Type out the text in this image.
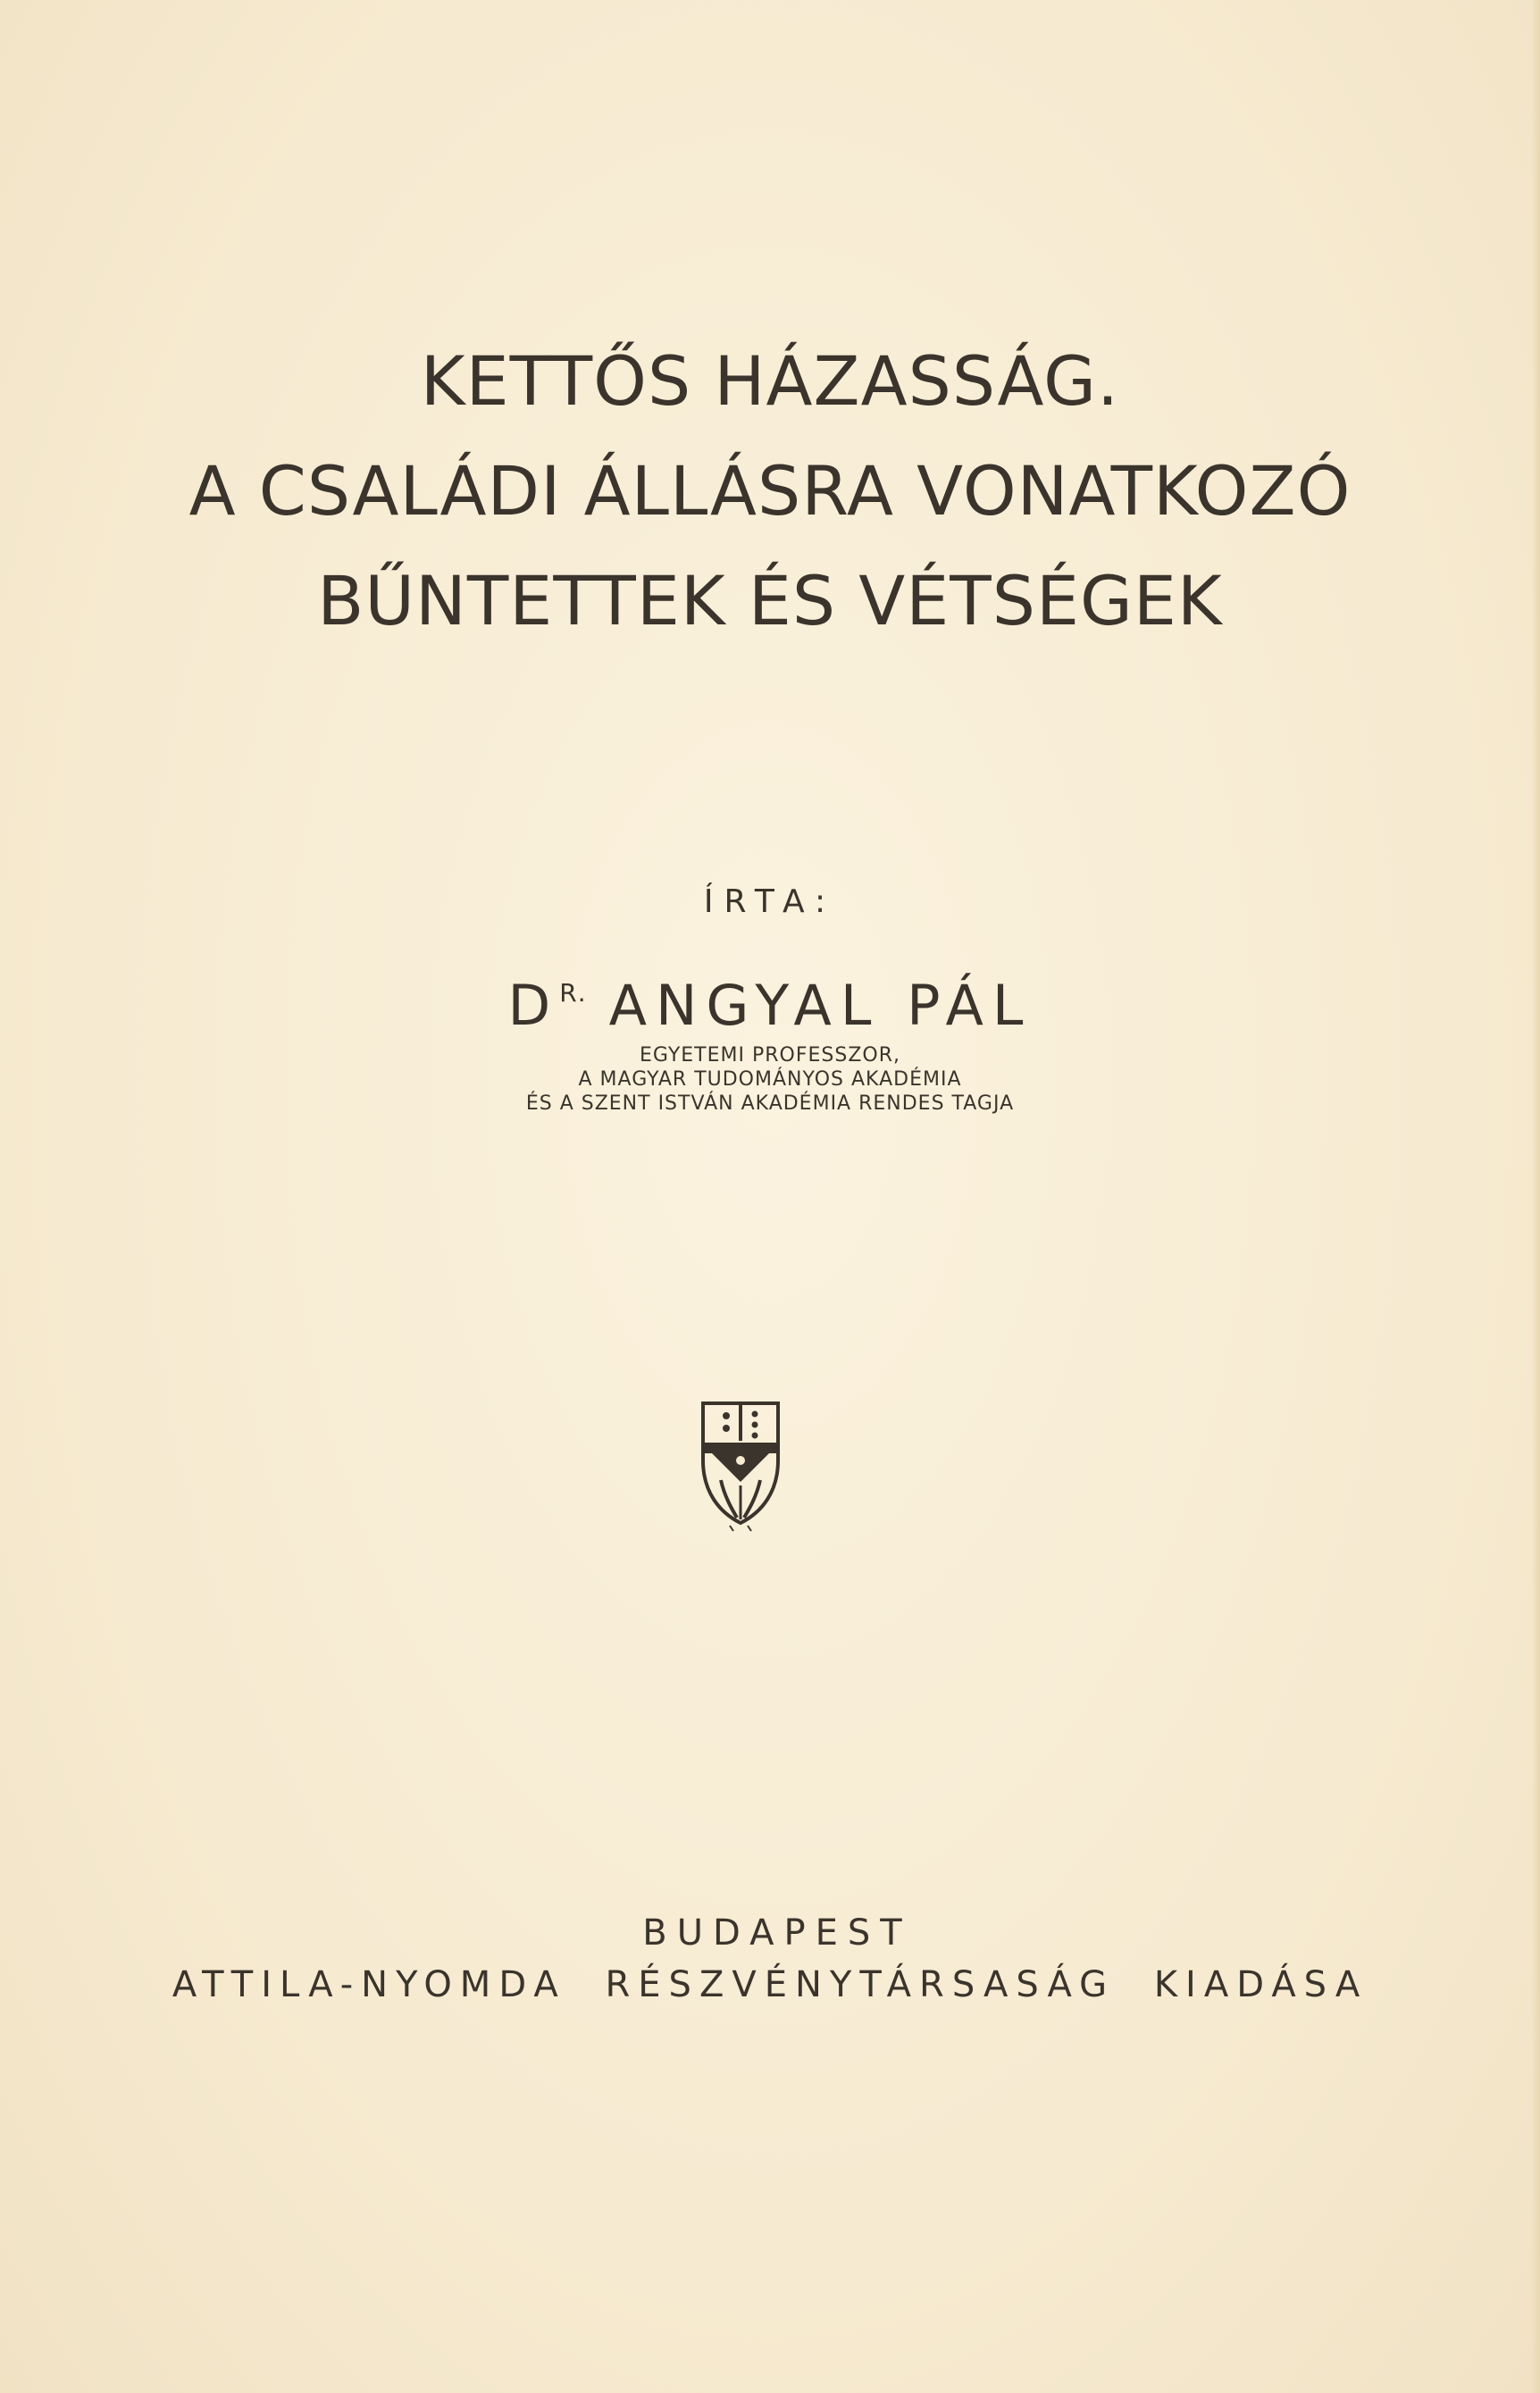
KETTŐS HÁZASSÁG.
A CSALÁDI ÁLLÁSRA VONATKOZÓ
BŰNTETTEK ÉS VÉTSÉGEK
ÍRTA:
$D^{R.}$ ANGYAL PÁL
EGYETEMI PROFESSZOR,
A MAGYAR TUDOMÁNYOS AKADÉMIA
ÉS A SZENT ISTVÁN AKADÉMIA RENDES TAGJA
BUDAPEST
ATTILA-NYOMDA RÉSZVÉNYTÁRSASÁG KIADÁSA
